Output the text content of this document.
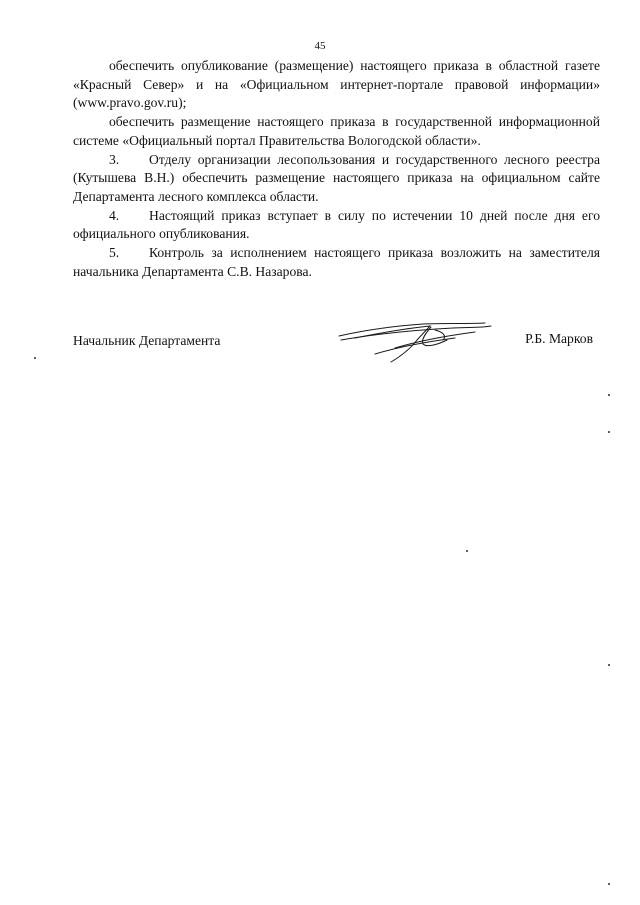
45

обеспечить опубликование (размещение) настоящего приказа в областной газете «Красный Север» и на «Официальном интернет-портале правовой информации» (www.pravo.gov.ru);

обеспечить размещение настоящего приказа в государственной информационной системе «Официальный портал Правительства Вологодской области».

3. Отделу организации лесопользования и государственного лесного реестра (Кутышева В.Н.) обеспечить размещение настоящего приказа на официальном сайте Департамента лесного комплекса области.

4. Настоящий приказ вступает в силу по истечении 10 дней после дня его официального опубликования.

5. Контроль за исполнением настоящего приказа возложить на заместителя начальника Департамента С.В. Назарова.

Начальник Департамента	Р.Б. Марков
